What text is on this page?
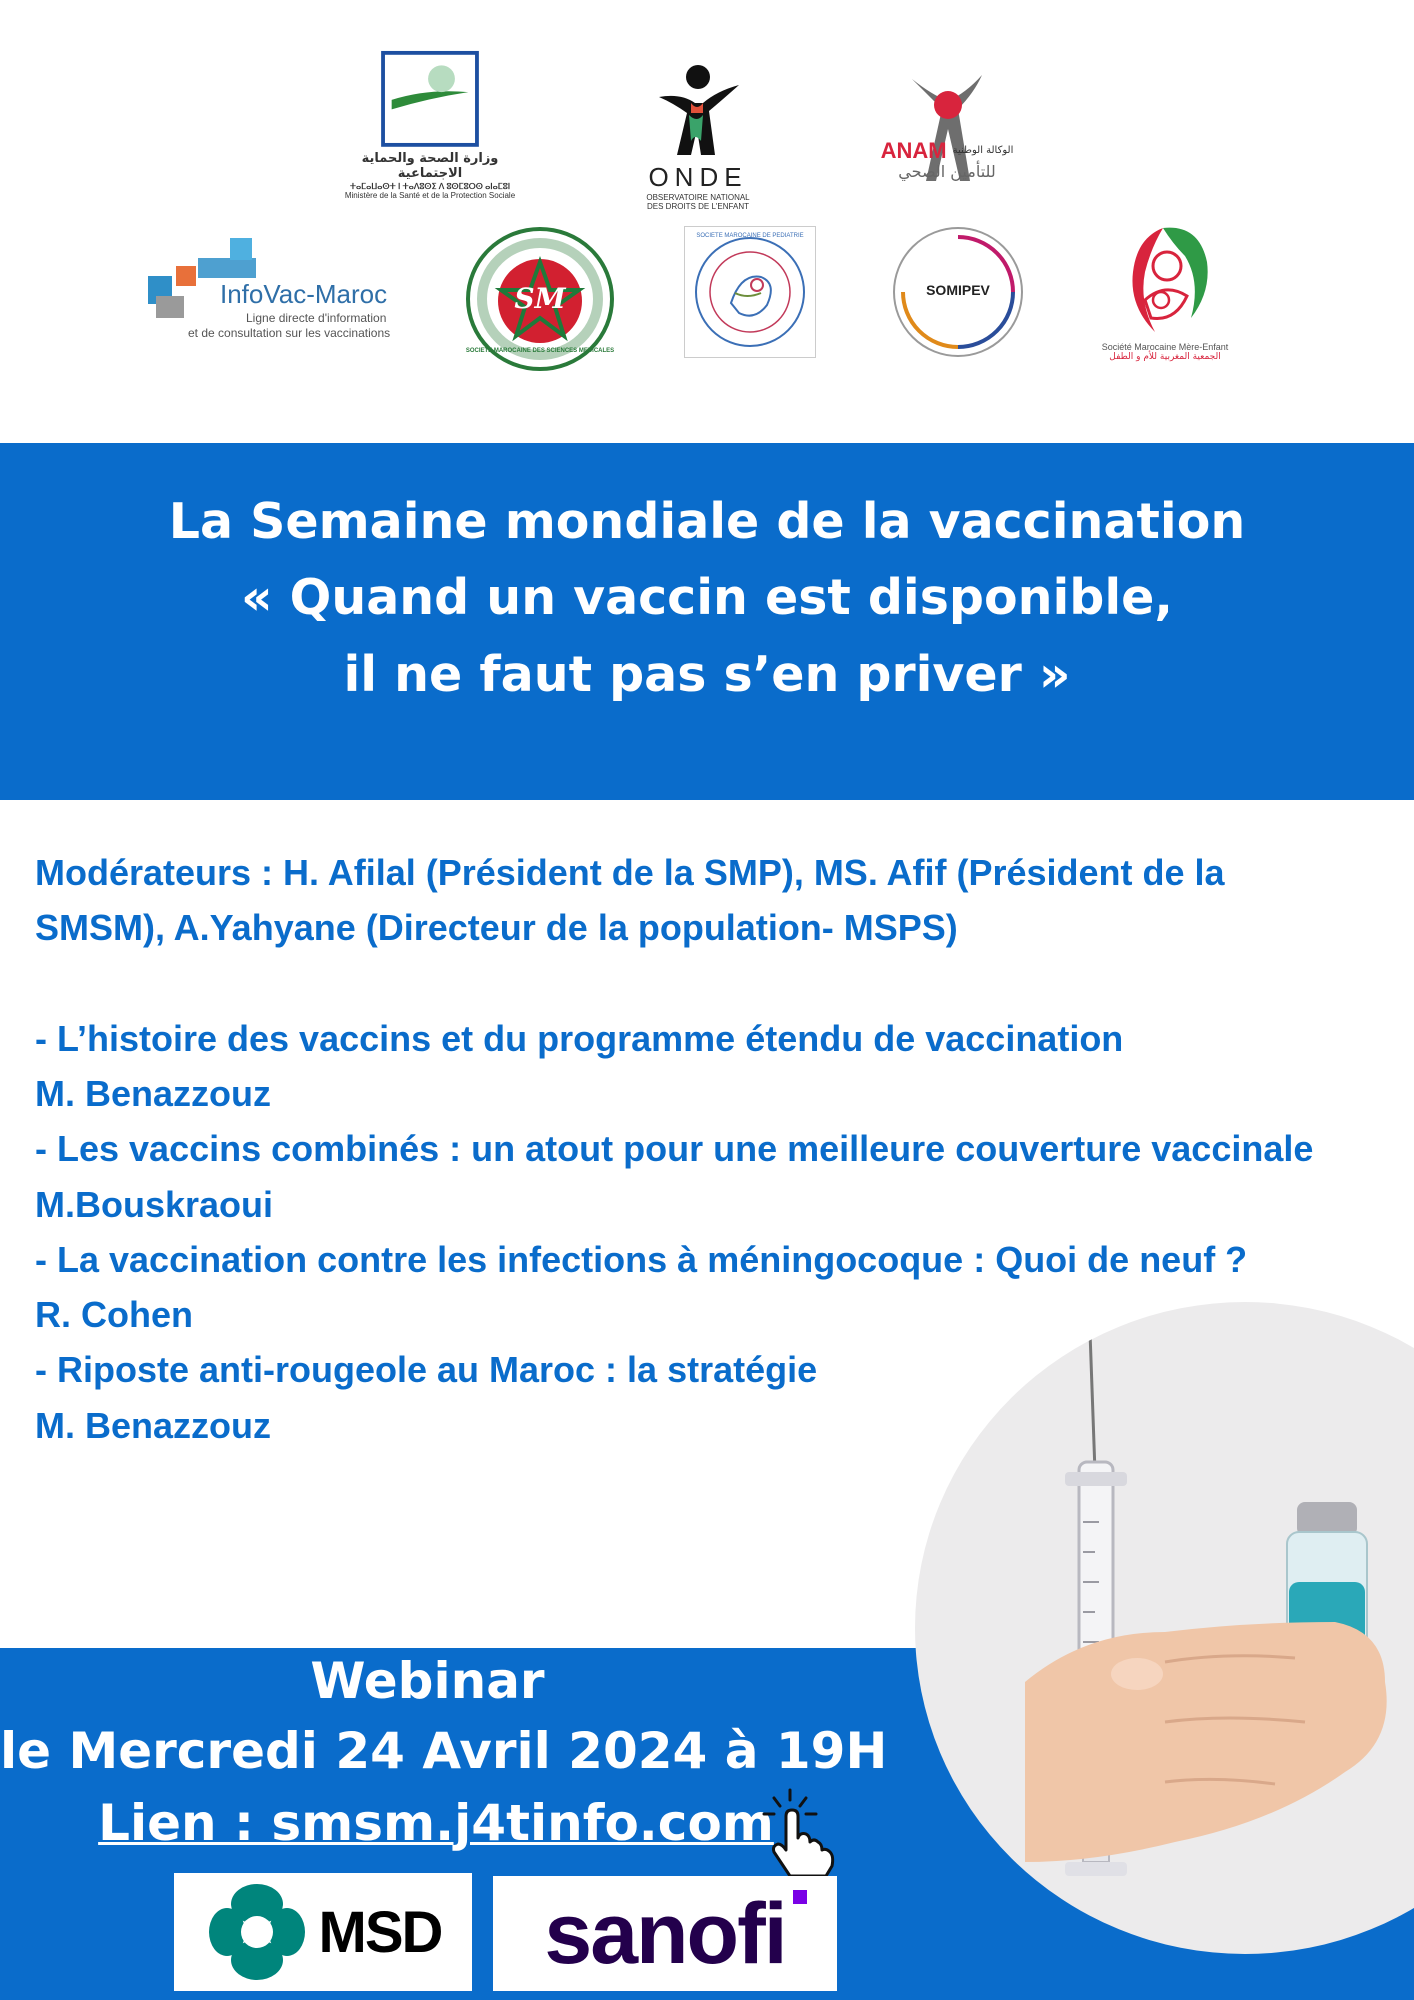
وزارة الصحة والحماية الاجتماعية
ⵜⴰⵎⴰⵡⴰⵙⵜ ⵏ ⵜⴰⴷⵓⵙⵉ ⴷ ⵓⵙⵎⵓⵔⵙ ⴰⵏⴰⵎⵓⵏ
Ministère de la Santé et de la Protection Sociale
ONDE
OBSERVATOIRE NATIONAL
DES DROITS DE L'ENFANT
ANAM الوكالة الوطنية
للتأمين الصحي
InfoVac-Maroc
Ligne directe d'information
et de consultation sur les vaccinations
SM
SOCIETE MAROCAINE DES SCIENCES MEDICALES
SOCIETE MAROCAINE DE PEDIATRIE
SOMIPEV
Société Marocaine Mère-Enfant
الجمعية المغربية للأم و الطفل
La Semaine mondiale de la vaccination
« Quand un vaccin est disponible,
il ne faut pas s’en priver »
Modérateurs : H. Afilal (Président de la SMP), MS. Afif (Président de la
SMSM), A.Yahyane (Directeur de la population- MSPS)
- L’histoire des vaccins et du programme étendu de vaccination
M. Benazzouz
- Les vaccins combinés : un atout pour une meilleure couverture vaccinale
M.Bouskraoui
- La vaccination contre les infections à méningocoque : Quoi de neuf ?
R. Cohen
- Riposte anti-rougeole au Maroc : la stratégie
M. Benazzouz
Webinar
le Mercredi 24 Avril 2024 à 19H
Lien : smsm.j4tinfo.com
MSD sanofi
